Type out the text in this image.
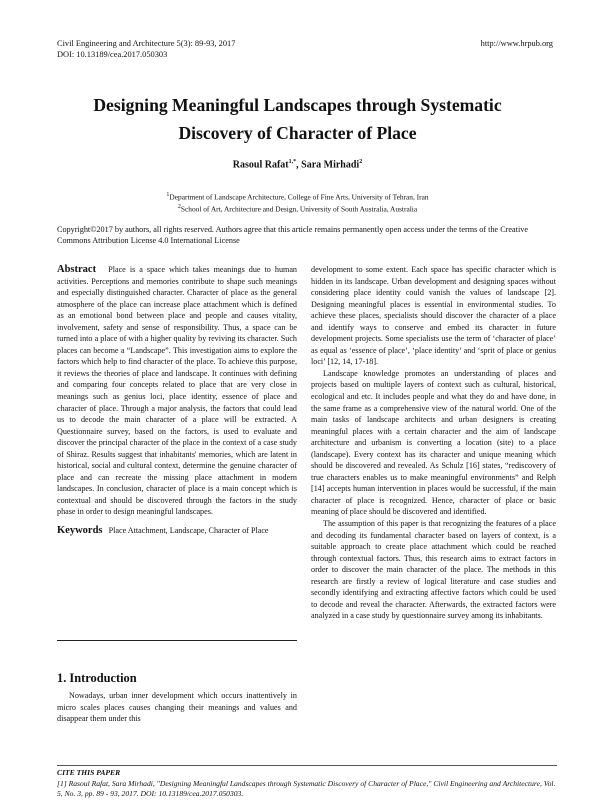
Civil Engineering and Architecture 5(3): 89-93, 2017
DOI: 10.13189/cea.2017.050303
http://www.hrpub.org
Designing Meaningful Landscapes through Systematic
Discovery of Character of Place
Rasoul Rafat$^{1,*}$, Sara Mirhadi$^2$
$^1$Department of Landscape Architecture, College of Fine Arts, University of Tehran, Iran
$^2$School of Art, Architecture and Design, University of South Australia, Australia
Copyright©2017 by authors, all rights reserved. Authors agree that this article remains permanently open access under the terms of the Creative Commons Attribution License 4.0 International License
Abstract Place is a space which takes meanings due to human activities. Perceptions and memories contribute to shape such meanings and especially distinguished character. Character of place as the general atmosphere of the place can increase place attachment which is defined as an emotional bond between place and people and causes vitality, involvement, safety and sense of responsibility. Thus, a space can be turned into a place of with a higher quality by reviving its character. Such places can become a “Landscape”. This investigation aims to explore the factors which help to find character of the place. To achieve this purpose, it reviews the theories of place and landscape. It continues with defining and comparing four concepts related to place that are very close in meanings such as genius loci, place identity, essence of place and character of place. Through a major analysis, the factors that could lead us to decode the main character of a place will be extracted. A Questionnaire survey, based on the factors, is used to evaluate and discover the principal character of the place in the context of a case study of Shiraz. Results suggest that inhabitants' memories, which are latent in historical, social and cultural context, determine the genuine character of place and can recreate the missing place attachment in modern landscapes. In conclusion, character of place is a main concept which is contextual and should be discovered through the factors in the study phase in order to design meaningful landscapes.
Keywords Place Attachment, Landscape, Character of Place
1. Introduction
Nowadays, urban inner development which occurs inattentively in micro scales places causes changing their meanings and values and disappear them under this
development to some extent. Each space has specific character which is hidden in its landscape. Urban development and designing spaces without considering place identity could vanish the values of landscape [2]. Designing meaningful places is essential in environmental studies. To achieve these places, specialists should discover the character of a place and identify ways to conserve and embed its character in future development projects. Some specialists use the term of ‘character of place’ as equal as ‘essence of place’, ‘place identity’ and ‘sprit of place or genius loci’ [12, 14, 17-18].
Landscape knowledge promotes an understanding of places and projects based on multiple layers of context such as cultural, historical, ecological and etc. It includes people and what they do and have done, in the same frame as a comprehensive view of the natural world. One of the main tasks of landscape architects and urban designers is creating meaningful places with a certain character and the aim of landscape architecture and urbanism is converting a location (site) to a place (landscape). Every context has its character and unique meaning which should be discovered and revealed. As Schulz [16] states, “rediscovery of true characters enables us to make meaningful environments” and Relph [14] accepts human intervention in places would be successful, if the main character of place is recognized. Hence, character of place or basic meaning of place should be discovered and identified.
The assumption of this paper is that recognizing the features of a place and decoding its fundamental character based on layers of context, is a suitable approach to create place attachment which could be reached through contextual factors. Thus, this research aims to extract factors in order to discover the main character of the place. The methods in this research are firstly a review of logical literature and case studies and secondly identifying and extracting affective factors which could be used to decode and reveal the character. Afterwards, the extracted factors were analyzed in a case study by questionnaire survey among its inhabitants.
CITE THIS PAPER
[1] Rasoul Rafat, Sara Mirhadi, "Designing Meaningful Landscapes through Systematic Discovery of Character of Place," Civil Engineering and Architecture, Vol. 5, No. 3, pp. 89 - 93, 2017. DOI: 10.13189/cea.2017.050303.
